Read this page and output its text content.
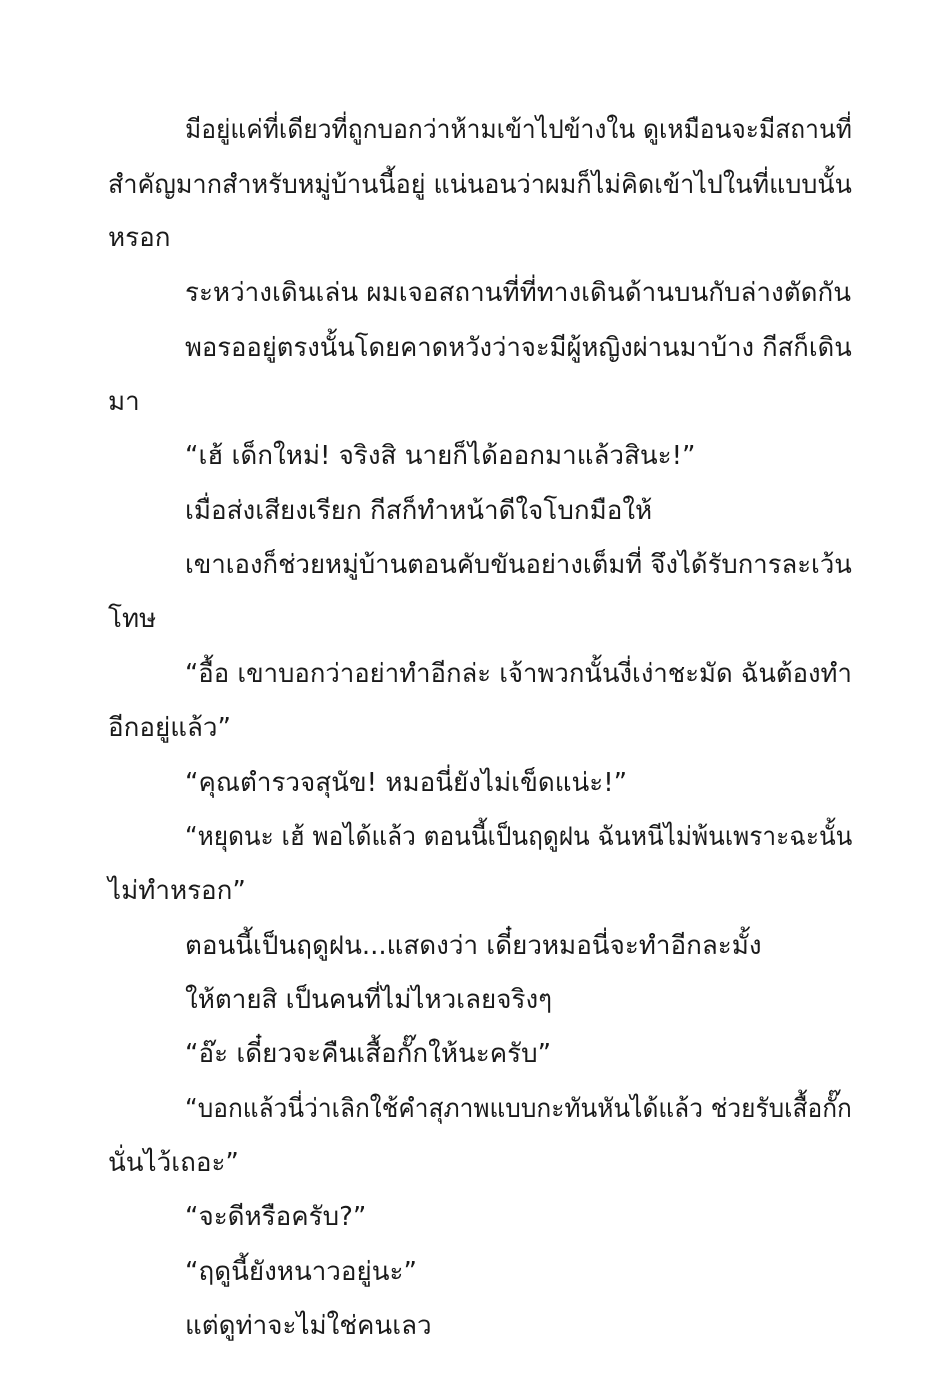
มีอยู่แค่ที่เดียวที่ถูกบอกว่าห้ามเข้าไปข้างใน ดูเหมือนจะมีสถานที่
สำคัญมากสำหรับหมู่บ้านนี้อยู่ แน่นอนว่าผมก็ไม่คิดเข้าไปในที่แบบนั้น
หรอก
ระหว่างเดินเล่น ผมเจอสถานที่ที่ทางเดินด้านบนกับล่างตัดกัน
พอรออยู่ตรงนั้นโดยคาดหวังว่าจะมีผู้หญิงผ่านมาบ้าง กีสก็เดิน
มา
“เฮ้ เด็กใหม่! จริงสิ นายก็ได้ออกมาแล้วสินะ!”
เมื่อส่งเสียงเรียก กีสก็ทำหน้าดีใจโบกมือให้
เขาเองก็ช่วยหมู่บ้านตอนคับขันอย่างเต็มที่ จึงได้รับการละเว้น
โทษ
“อื้อ เขาบอกว่าอย่าทำอีกล่ะ เจ้าพวกนั้นงี่เง่าชะมัด ฉันต้องทำ
อีกอยู่แล้ว”
“คุณตำรวจสุนัข! หมอนี่ยังไม่เข็ดแน่ะ!”
“หยุดนะ เฮ้ พอได้แล้ว ตอนนี้เป็นฤดูฝน ฉันหนีไม่พ้นเพราะฉะนั้น
ไม่ทำหรอก”
ตอนนี้เป็นฤดูฝน...แสดงว่า เดี๋ยวหมอนี่จะทำอีกละมั้ง
ให้ตายสิ เป็นคนที่ไม่ไหวเลยจริงๆ
“อ๊ะ เดี๋ยวจะคืนเสื้อกั๊กให้นะครับ”
“บอกแล้วนี่ว่าเลิกใช้คำสุภาพแบบกะทันหันได้แล้ว ช่วยรับเสื้อกั๊ก
นั่นไว้เถอะ”
“จะดีหรือครับ?”
“ฤดูนี้ยังหนาวอยู่นะ”
แต่ดูท่าจะไม่ใช่คนเลว
